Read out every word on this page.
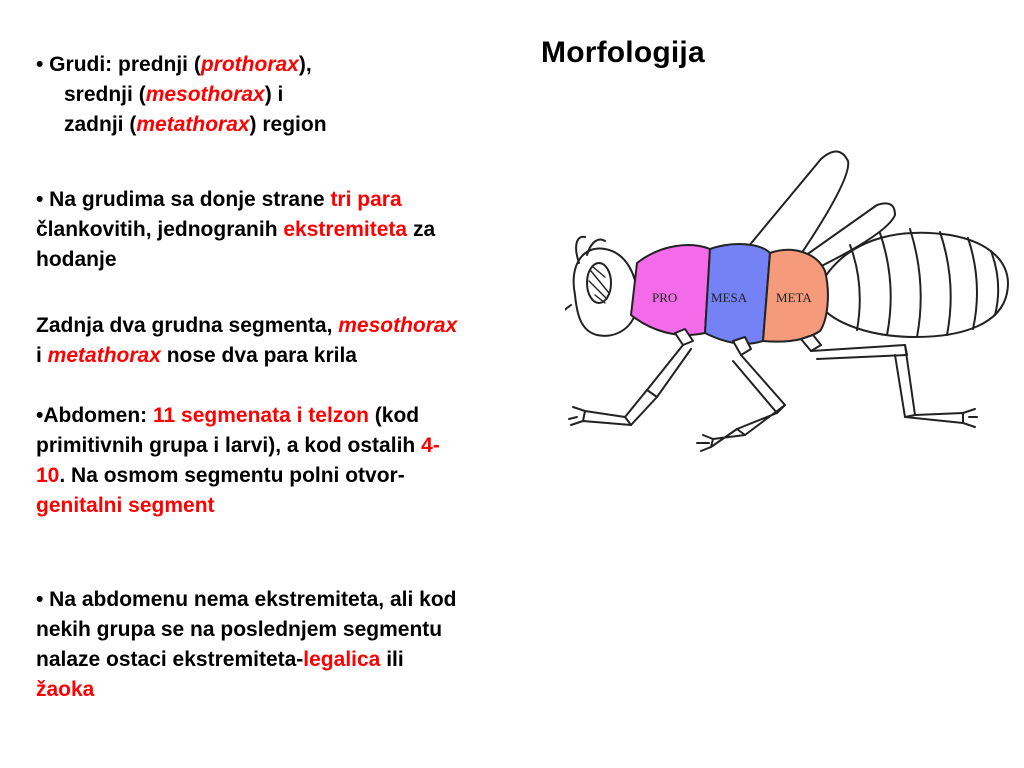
Morfologija
• Grudi: prednji (prothorax),
srednji (mesothorax) i
zadnji (metathorax) region
• Na grudima sa donje strane tri para
člankovitih, jednogranih ekstremiteta za
hodanje
Zadnja dva grudna segmenta, mesothorax
i metathorax nose dva para krila
•Abdomen: 11 segmenata i telzon (kod
primitivnih grupa i larvi), a kod ostalih 4-
10. Na osmom segmentu polni otvor-
genitalni segment
• Na abdomenu nema ekstremiteta, ali kod
nekih grupa se na poslednjem segmentu
nalaze ostaci ekstremiteta-legalica ili
žaoka
PRO	MESA META
